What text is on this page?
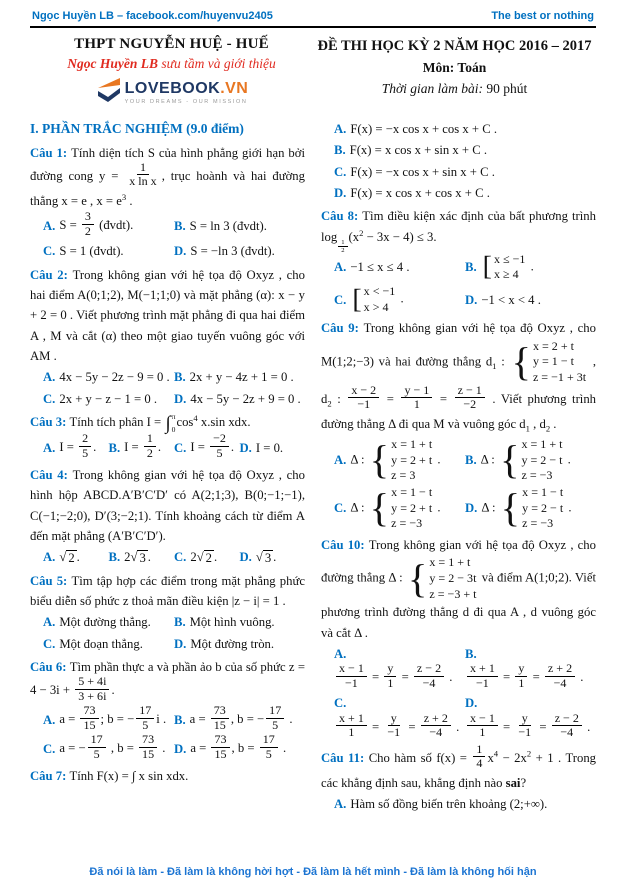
Ngọc Huyền LB – facebook.com/huyenvu2405	The best or nothing
THPT NGUYỄN HUỆ - HUẾ
Ngọc Huyền LB sưu tầm và giới thiệu
LOVEBOOK.VN
YOUR DREAMS - OUR MISSION
ĐỀ THI HỌC KỲ 2 NĂM HỌC 2016 – 2017
Môn: Toán
Thời gian làm bài: 90 phút
I. PHẦN TRẮC NGHIỆM (9.0 điểm)
Câu 1: Tính diện tích S của hình phẳng giới hạn bởi đường cong $y = \frac{1}{\text{x ln x}}$ , trục hoành và hai đường thẳng x = e , $x = e^3$ .
A. $S = \frac{3}{2}$ (đvdt).	B. S = ln 3 (đvdt).
C. S = 1 (đvdt).	D. S = −ln 3 (đvdt).
Câu 2: Trong không gian với hệ tọa độ Oxyz , cho hai điểm A(0;1;2), M(−1;1;0) và mặt phẳng (α): x − y + 2 = 0 . Viết phương trình mặt phẳng đi qua hai điểm A , M và cắt (α) theo một giao tuyến vuông góc với AM .
A. 4x − 5y − 2z − 9 = 0 . B. 2x + y − 4z + 1 = 0 .
C. 2x + y − z − 1 = 0 . D. 4x − 5y − 2z + 9 = 0 .
Câu 3: Tính tích phân I = ∫ π
0 $\cos^4 x.\sin$ xdx.
A. $I = \frac{2}{5}$ . B. $I = \frac{1}{2}$ . C. $I = \frac{-2}{5}$ . D. I = 0.
Câu 4: Trong không gian với hệ tọa độ Oxyz , cho hình hộp ABCD.A′B′C′D′ có A(2;1;3), B(0;−1;−1), C(−1;−2;0), D′(3;−2;1). Tính khoảng cách từ điểm A đến mặt phẳng (A′B′C′D′).
A. √ 2 . B. 2 √ 3 . C. 2 √ 2 . D. √ 3 .
Câu 5: Tìm tập hợp các điểm trong mặt phẳng phức biểu diễn số phức z thoả mãn điều kiện |z − i| = 1 .
A. Một đường thẳng. B. Một hình vuông.
C. Một đoạn thẳng. D. Một đường tròn.
Câu 6: Tìm phần thực a và phần ảo b của số phức $z = 4 - 3i + \frac{5 + 4i}{3 + 6i}$ .
A. $a = \frac{73}{15}$ ; b = − $\frac{17}{5}$ i . B. $a = \frac{73}{15}$ , b = − $\frac{17}{5}$ .
C. a = − $\frac{17}{5}$ , $b = \frac{73}{15}$ . D. $a = \frac{73}{15}$ , $b = \frac{17}{5}$ .
Câu 7: Tính F(x) = ∫ x sin xdx.
A. F(x) = −x cos x + cos x + C .
B. F(x) = x cos x + sin x + C .
C. F(x) = −x cos x + sin x + C .
D. F(x) = x cos x + cos x + C .
Câu 8: Tìm điều kiện xác định của bất phương trình log
$_{\frac{1}{2}}$
$(x^2 - 3x - 4) \le 3$.
A. −1 ≤ x ≤ 4 .	B. [ x ≤ −1
x ≥ 4
.
C. [ x < −1
x > 4
.	D. −1 < x < 4 .
Câu 9: Trong không gian với hệ tọa độ Oxyz , cho M(1;2;−3) và hai đường thẳng $d_1$ : { x = 2 + t
y = 1 − t
z = −1 + 3t
, $d_2$ : $\frac{x - 2}{-1} = \frac{y - 1}{1} = \frac{z - 1}{-2}$ . Viết phương trình đường thẳng Δ đi qua M và vuông góc $d_1$ , $d_2$ .
A. Δ : { x = 1 + t
y = 2 + t
z = 3
. B. Δ : { x = 1 + t
y = 2 − t
z = −3
.
C. Δ : { x = 1 − t
y = 2 + t
z = −3
. D. Δ : { x = 1 − t
y = 2 − t
z = −3
.
Câu 10: Trong không gian với hệ tọa độ Oxyz , cho đường thẳng Δ : { x = 1 + t
y = 2 − 3t
z = −3 + t
và điểm A(1;0;2). Viết phương trình đường thẳng d đi qua A , d vuông góc và cắt Δ .
A.
$\frac{x - 1}{-1} = \frac{y}{1} = \frac{z - 2}{-4}$ .
B.
$\frac{x + 1}{-1} = \frac{y}{1} = \frac{z + 2}{-4}$ .
C.
$\frac{x + 1}{1} = \frac{y}{-1} = \frac{z + 2}{-4}$ .
D.
$\frac{x - 1}{1} = \frac{y}{-1} = \frac{z - 2}{-4}$ .
Câu 11: Cho hàm số $f(x) = \frac{1}{4} x^4 - 2x^2 + 1$ . Trong các khẳng định sau, khẳng định nào sai?
A. Hàm số đồng biến trên khoảng (2;+∞).
Đã nói là làm - Đã làm là không hời hợt - Đã làm là hết mình - Đã làm là không hối hận
